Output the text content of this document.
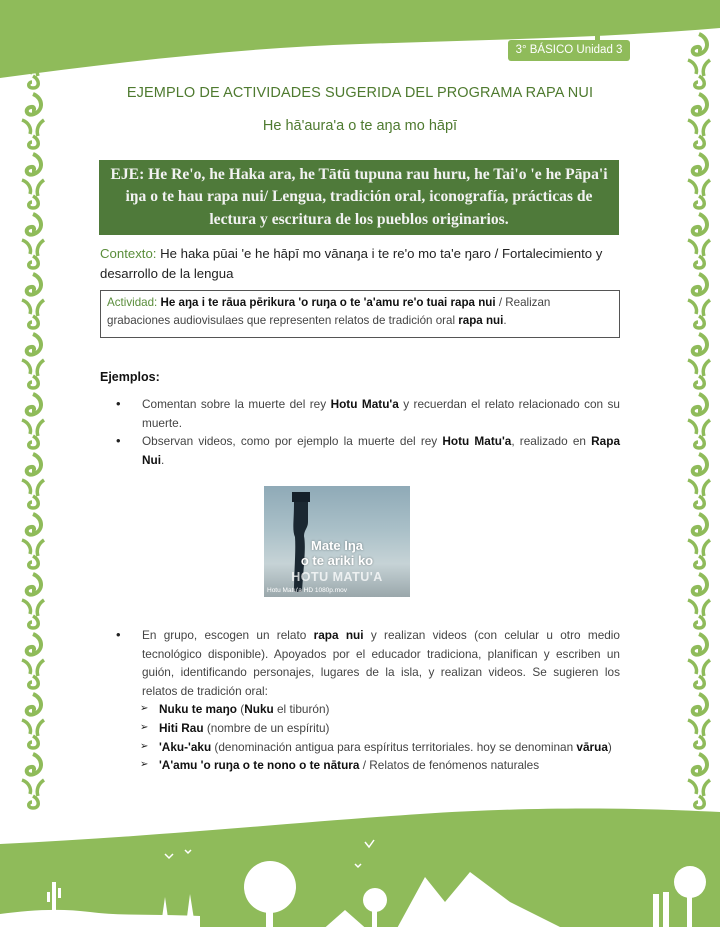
3° BÁSICO Unidad 3
EJEMPLO DE ACTIVIDADES SUGERIDA DEL PROGRAMA RAPA NUI
He hā'aura'a o te aŋa mo hāpī
EJE: He Re'o, he Haka ara, he Tātū tupuna rau huru, he Tai'o 'e he Pāpa'i iŋa o te hau rapa nui/ Lengua, tradición oral, iconografía, prácticas de lectura y escritura de los pueblos originarios.
Contexto: He haka pūai 'e he hāpī mo vānaŋa i te re'o mo ta'e ŋaro / Fortalecimiento y desarrollo de la lengua
Actividad: He aŋa i te rāua pērikura 'o ruŋa o te 'a'amu re'o tuai rapa nui / Realizan grabaciones audiovisulaes que representen relatos de tradición oral rapa nui.
Ejemplos:
• Comentan sobre la muerte del rey Hotu Matu'a y recuerdan el relato relacionado con su muerte.
• Observan videos, como por ejemplo la muerte del rey Hotu Matu'a, realizado en Rapa Nui.
Mate Iŋa
o te ariki ko
HOTU MATU'A
Hotu Matu'a HD 1080p.mov
• En grupo, escogen un relato rapa nui y realizan videos (con celular u otro medio tecnológico disponible). Apoyados por el educador tradiciona, planifican y escriben un guión, identificando personajes, lugares de la isla, y realizan videos. Se sugieren los relatos de tradición oral:
➢ Nuku te maŋo (Nuku el tiburón)
➢ Hiti Rau (nombre de un espíritu)
➢ 'Aku-'aku (denominación antigua para espíritus territoriales. hoy se denominan vārua)
➢ 'A'amu 'o ruŋa o te nono o te nātura / Relatos de fenómenos naturales
